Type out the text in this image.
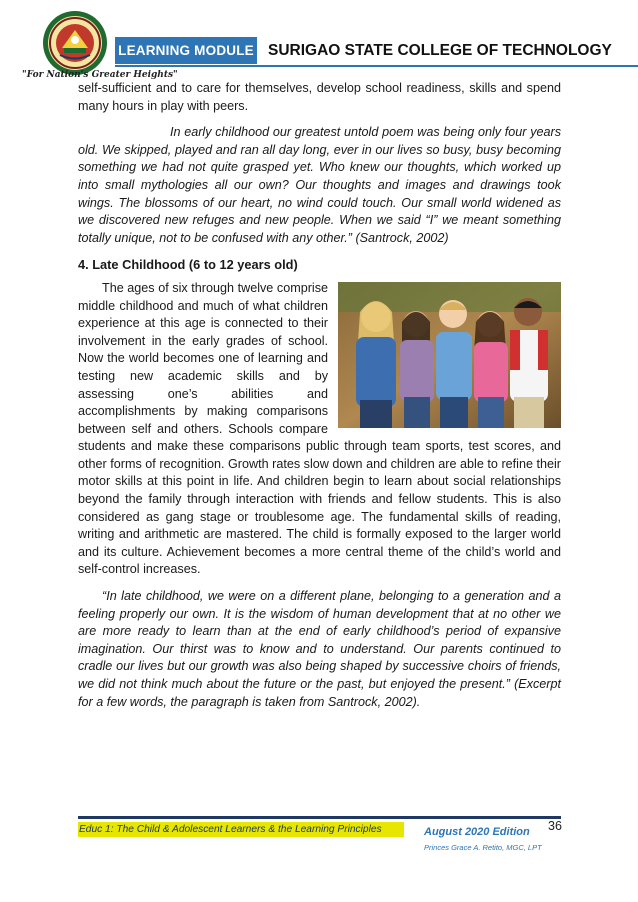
"For Nation's Greater Heights"
LEARNING MODULE SURIGAO STATE COLLEGE OF TECHNOLOGY

self-sufficient and to care for themselves, develop school readiness, skills and spend many hours in play with peers.

In early childhood our greatest untold poem was being only four years old. We skipped, played and ran all day long, ever in our lives so busy, busy becoming something we had not quite grasped yet. Who knew our thoughts, which worked up into small mythologies all our own? Our thoughts and images and drawings took wings. The blossoms of our heart, no wind could touch. Our small world widened as we discovered new refuges and new people. When we said “I” we meant something totally unique, not to be confused with any other.” (Santrock, 2002)

4. Late Childhood (6 to 12 years old)

The ages of six through twelve comprise middle childhood and much of what children experience at this age is connected to their involvement in the early grades of school. Now the world becomes one of learning and testing new academic skills and by assessing one’s abilities and accomplishments by making comparisons between self and others. Schools compare students and make these comparisons public through team sports, test scores, and other forms of recognition. Growth rates slow down and children are able to refine their motor skills at this point in life. And children begin to learn about social relationships beyond the family through interaction with friends and fellow students. This is also considered as gang stage or troublesome age. The fundamental skills of reading, writing and arithmetic are mastered. The child is formally exposed to the larger world and its culture. Achievement becomes a more central theme of the child’s world and self-control increases.

“In late childhood, we were on a different plane, belonging to a generation and a feeling properly our own. It is the wisdom of human development that at no other we are more ready to learn than at the end of early childhood’s period of expansive imagination. Our thirst was to know and to understand. Our parents continued to cradle our lives but our growth was also being shaped by successive choirs of friends, we did not think much about the future or the past, but enjoyed the present.” (Excerpt for a few words, the paragraph is taken from Santrock, 2002).

Educ 1: The Child & Adolescent Learners & the Learning Principles	August 2020 Edition
Princes Grace A. Retito, MGC, LPT
36
